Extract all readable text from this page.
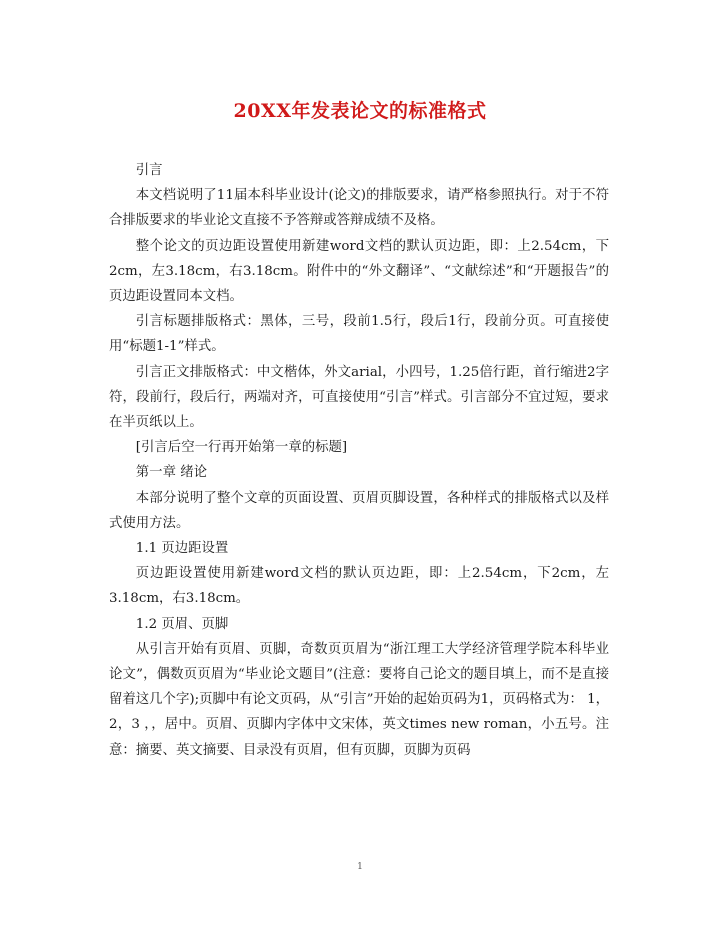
20XX年发表论文的标准格式

引言

本文档说明了11届本科毕业设计(论文)的排版要求，请严格参照执行。对于不符合排版要求的毕业论文直接不予答辩或答辩成绩不及格。

整个论文的页边距设置使用新建word文档的默认页边距，即：上2.54cm，下2cm，左3.18cm，右3.18cm。附件中的“外文翻译”、“文献综述”和“开题报告”的页边距设置同本文档。

引言标题排版格式：黑体，三号，段前1.5行，段后1行，段前分页。可直接使用“标题1-1”样式。

引言正文排版格式：中文楷体，外文arial，小四号，1.25倍行距，首行缩进2字符，段前行，段后行，两端对齐，可直接使用“引言”样式。引言部分不宜过短，要求在半页纸以上。

[引言后空一行再开始第一章的标题]

第一章 绪论

本部分说明了整个文章的页面设置、页眉页脚设置，各种样式的排版格式以及样式使用方法。

1.1 页边距设置

页边距设置使用新建word文档的默认页边距，即：上2.54cm，下2cm，左3.18cm，右3.18cm。

1.2 页眉、页脚

从引言开始有页眉、页脚，奇数页页眉为“浙江理工大学经济管理学院本科毕业论文”，偶数页页眉为“毕业论文题目”(注意：要将自己论文的题目填上，而不是直接留着这几个字);页脚中有论文页码，从“引言”开始的起始页码为1，页码格式为： 1，2，3 ，，居中。页眉、页脚内字体中文宋体，英文times new roman，小五号。注意：摘要、英文摘要、目录没有页眉，但有页脚，页脚为页码

1
